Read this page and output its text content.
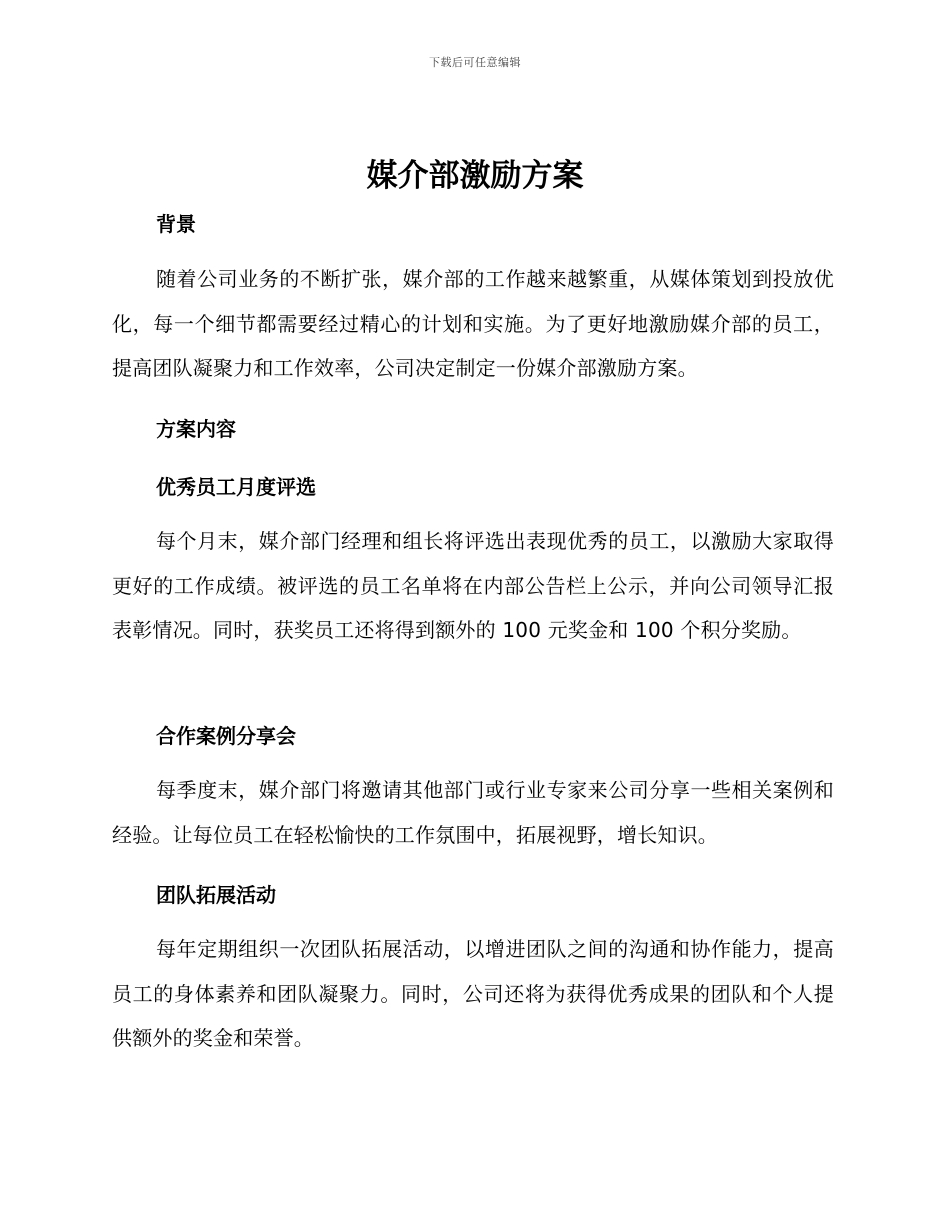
下载后可任意编辑
媒介部激励方案
背景

随着公司业务的不断扩张，媒介部的工作越来越繁重，从媒体策划到投放优化，每一个细节都需要经过精心的计划和实施。为了更好地激励媒介部的员工，提高团队凝聚力和工作效率，公司决定制定一份媒介部激励方案。

方案内容
优秀员工月度评选

每个月末，媒介部门经理和组长将评选出表现优秀的员工，以激励大家取得更好的工作成绩。被评选的员工名单将在内部公告栏上公示，并向公司领导汇报表彰情况。同时，获奖员工还将得到额外的 100 元奖金和 100 个积分奖励。

合作案例分享会

每季度末，媒介部门将邀请其他部门或行业专家来公司分享一些相关案例和经验。让每位员工在轻松愉快的工作氛围中，拓展视野，增长知识。

团队拓展活动

每年定期组织一次团队拓展活动，以增进团队之间的沟通和协作能力，提高员工的身体素养和团队凝聚力。同时，公司还将为获得优秀成果的团队和个人提供额外的奖金和荣誉。
